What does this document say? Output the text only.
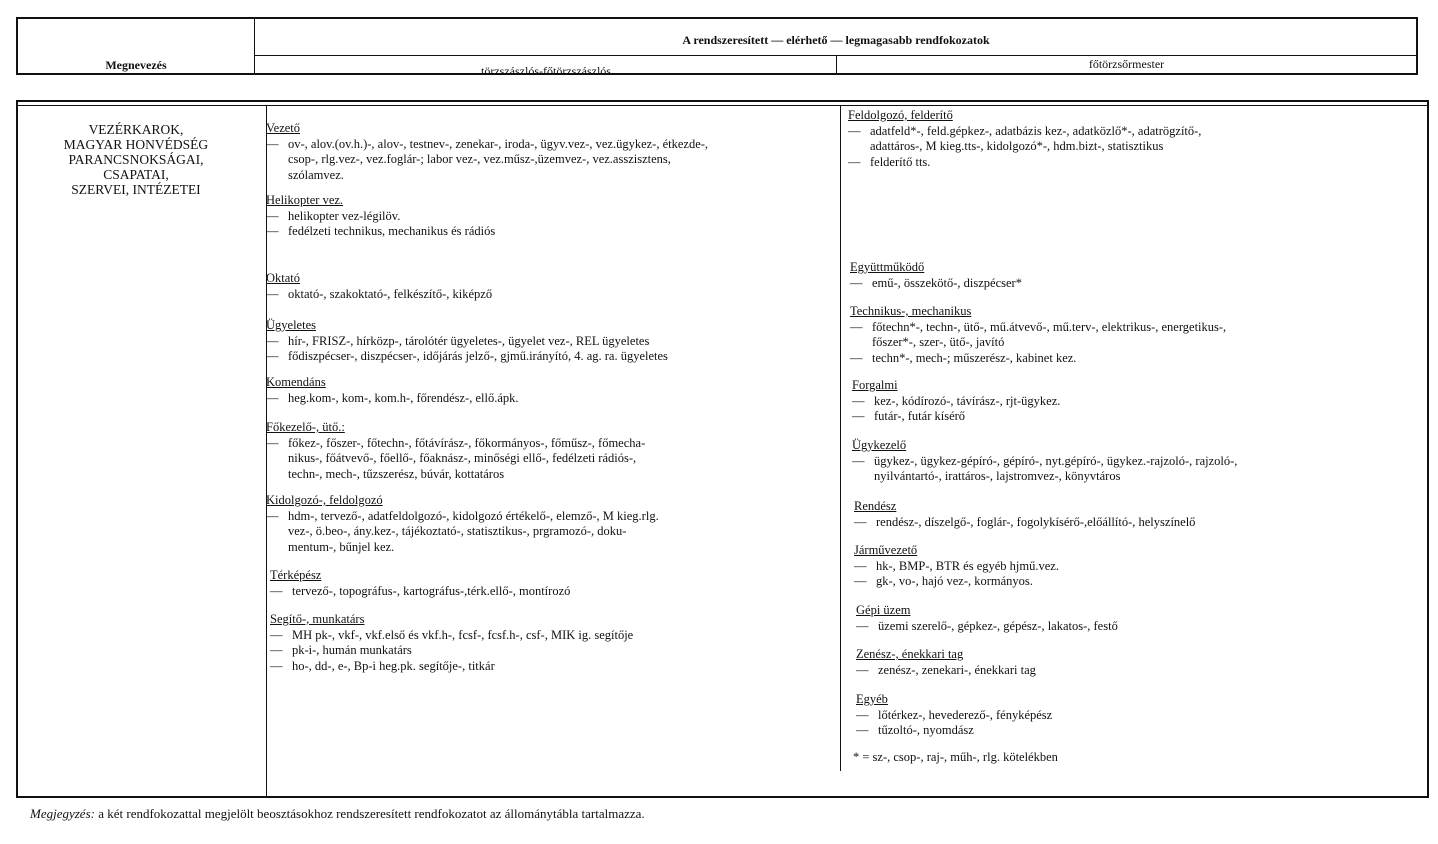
Megnevezés
A rendszeresített — elérhető — legmagasabb rendfokozatok
törzszászlós-főtörzszászlós	főtörzsőrmester
VEZÉRKAROK,
MAGYAR HONVÉDSÉG
PARANCSNOKSÁGAI,
CSAPATAI,
SZERVEI, INTÉZETEI
Vezető
— ov-, alov.(ov.h.)-, alov-, testnev-, zenekar-, iroda-, ügyv.vez-, vez.ügykez-, étkezde-,
csop-, rlg.vez-, vez.foglár-; labor vez-, vez.műsz-,üzemvez-, vez.asszisztens,
szólamvez.
Helikopter vez.
— helikopter vez-légilöv.
— fedélzeti technikus, mechanikus és rádiós
Oktató
— oktató-, szakoktató-, felkészítő-, kiképző
Ügyeletes
— hír-, FRISZ-, hírközp-, tárolótér ügyeletes-, ügyelet vez-, REL ügyeletes
— fődiszpécser-, diszpécser-, időjárás jelző-, gjmű.irányító, 4. ag. ra. ügyeletes
Komendáns
— heg.kom-, kom-, kom.h-, főrendész-, ellő.ápk.
Főkezelő-, ütő.:
— főkez-, főszer-, főtechn-, főtávírász-, főkormányos-, főműsz-, főmecha-
nikus-, főátvevő-, főellő-, főaknász-, minőségi ellő-, fedélzeti rádiós-,
techn-, mech-, tűzszerész, búvár, kottatáros
Kidolgozó-, feldolgozó
— hdm-, tervező-, adatfeldolgozó-, kidolgozó értékelő-, elemző-, M kieg.rlg.
vez-, ö.beo-, ány.kez-, tájékoztató-, statisztikus-, prgramozó-, doku-
mentum-, bűnjel kez.
Térképész
— tervező-, topográfus-, kartográfus-,térk.ellő-, montírozó
Segítő-, munkatárs
— MH pk-, vkf-, vkf.első és vkf.h-, fcsf-, fcsf.h-, csf-, MIK ig. segítője
— pk-i-, humán munkatárs
— ho-, dd-, e-, Bp-i heg.pk. segítője-, titkár
Feldolgozó, felderítő
— adatfeld*-, feld.gépkez-, adatbázis kez-, adatközlő*-, adatrögzítő-,
adattáros-, M kieg.tts-, kidolgozó*-, hdm.bizt-, statisztikus
— felderítő tts.
Együttműködő
— emű-, összekötő-, diszpécser*
Technikus-, mechanikus
— főtechn*-, techn-, ütő-, mű.átvevő-, mű.terv-, elektrikus-, energetikus-,
főszer*-, szer-, ütő-, javító
— techn*-, mech-; műszerész-, kabinet kez.
Forgalmi
— kez-, kódírozó-, távírász-, rjt-ügykez.
— futár-, futár kísérő
Ügykezelő
— ügykez-, ügykez-gépíró-, gépíró-, nyt.gépíró-, ügykez.-rajzoló-, rajzoló-,
nyilvántartó-, irattáros-, lajstromvez-, könyvtáros
Rendész
— rendész-, díszelgő-, foglár-, fogolykísérő-,előállító-, helyszínelő
Járművezető
— hk-, BMP-, BTR és egyéb hjmű.vez.
— gk-, vo-, hajó vez-, kormányos.
Gépi üzem
— üzemi szerelő-, gépkez-, gépész-, lakatos-, festő
Zenész-, énekkari tag
— zenész-, zenekari-, énekkari tag
Egyéb
— lőtérkez-, hevederező-, fényképész
— tűzoltó-, nyomdász
* = sz-, csop-, raj-, műh-, rlg. kötelékben
Megjegyzés: a két rendfokozattal megjelölt beosztásokhoz rendszeresített rendfokozatot az állománytábla tartalmazza.
